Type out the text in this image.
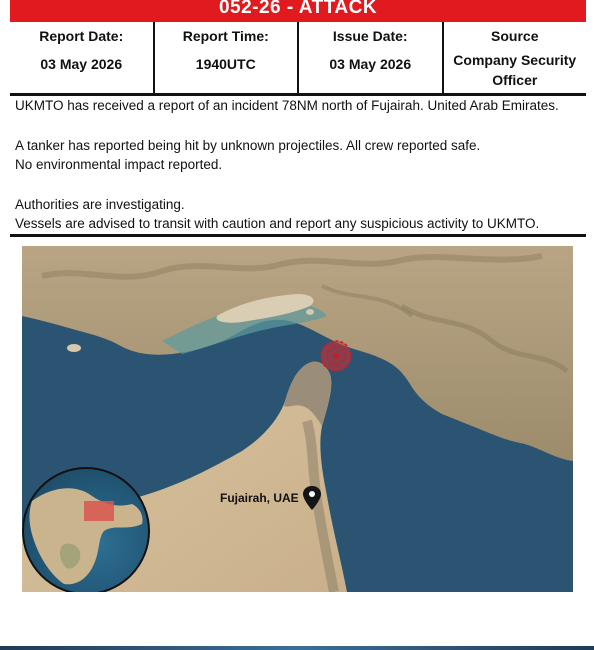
052-26 - ATTACK
Report Date:
03 May 2026
Report Time:
1940UTC
Issue Date:
03 May 2026
Source
Company Security Officer

UKMTO has received a report of an incident 78NM north of Fujairah. United Arab Emirates.

A tanker has reported being hit by unknown projectiles. All crew reported safe.

No environmental impact reported.

Authorities are investigating.

Vessels are advised to transit with caution and report any suspicious activity to UKMTO.

Fujairah, UAE
